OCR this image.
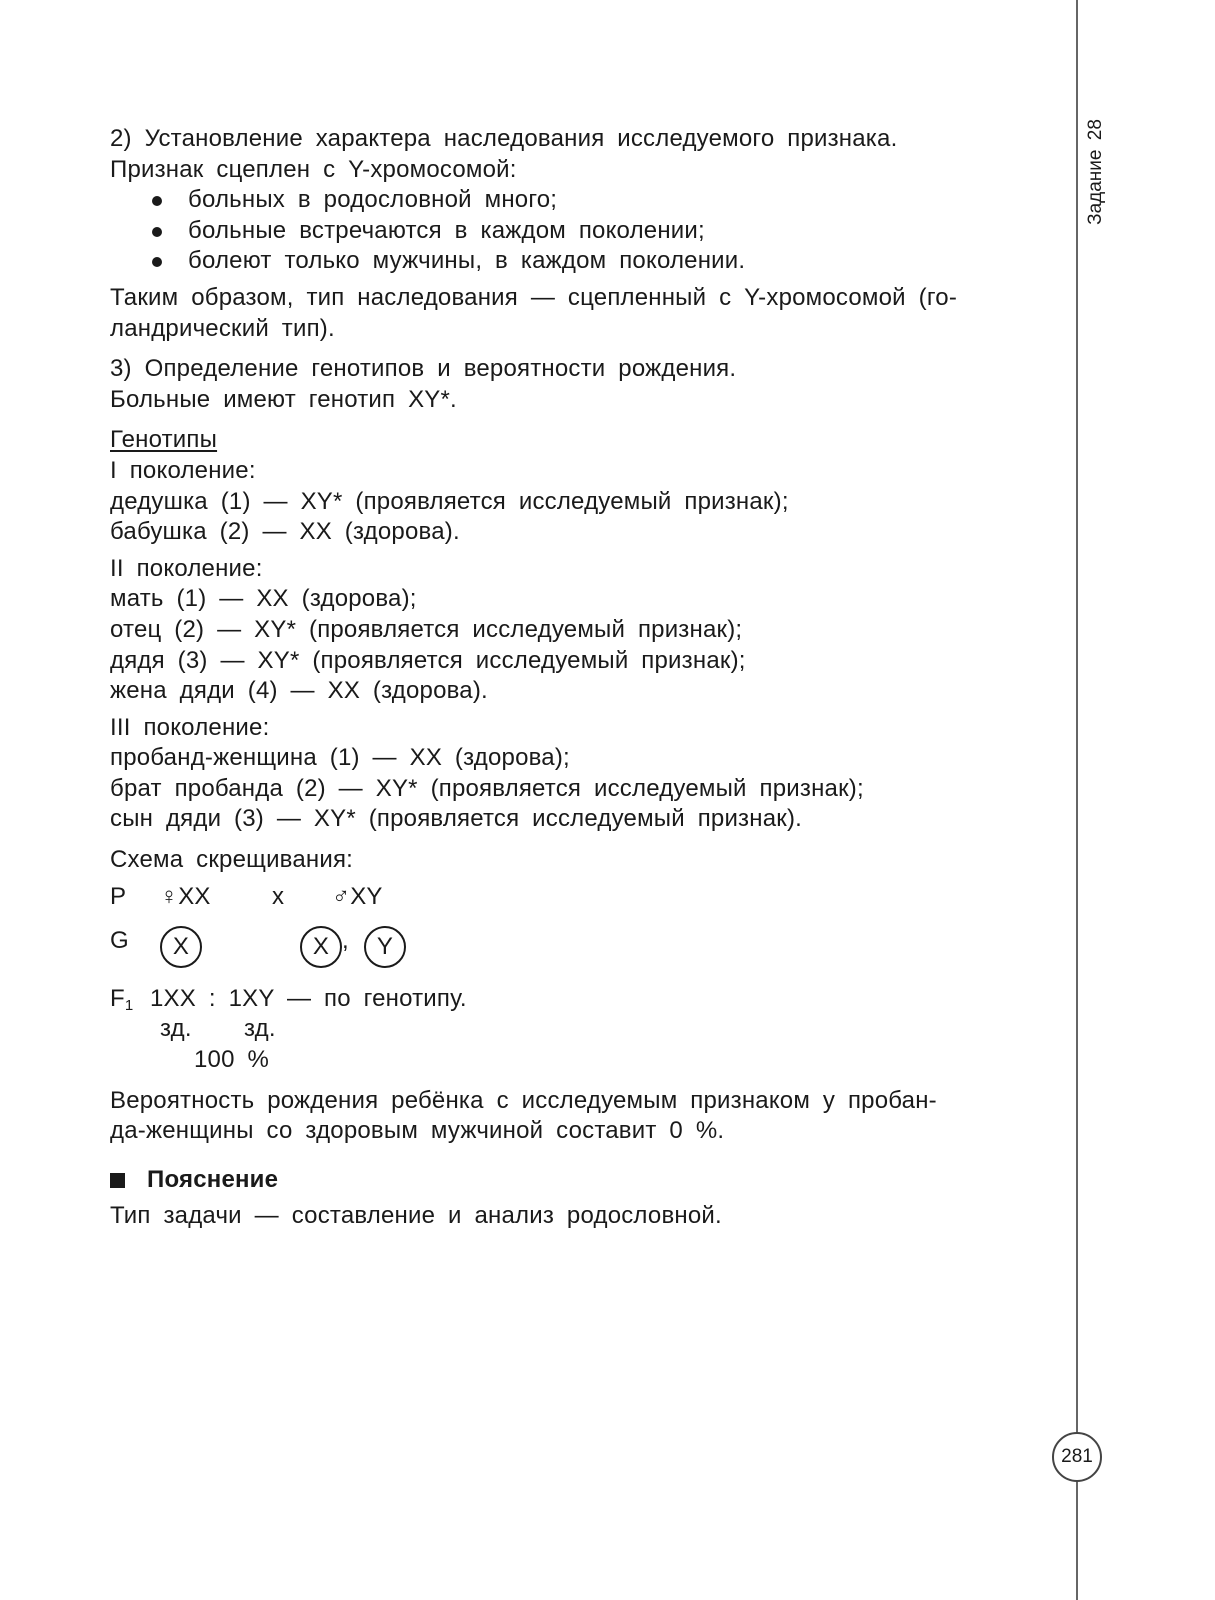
Задание 28
281
2) Установление характера наследования исследуемого признака.
Признак сцеплен с Y-хромосомой:
больных в родословной много;
больные встречаются в каждом поколении;
болеют только мужчины, в каждом поколении.
Таким образом, тип наследования — сцепленный с Y-хромосомой (го-
ландрический тип).
3) Определение генотипов и вероятности рождения.
Больные имеют генотип XY*.
Генотипы
I поколение:
дедушка (1) — XY* (проявляется исследуемый признак);
бабушка (2) — XX (здорова).
II поколение:
мать (1) — XX (здорова);
отец (2) — XY* (проявляется исследуемый признак);
дядя (3) — XY* (проявляется исследуемый признак);
жена дяди (4) — XX (здорова).
III поколение:
пробанд-женщина (1) — XX (здорова);
брат пробанда (2) — XY* (проявляется исследуемый признак);
сын дяди (3) — XY* (проявляется исследуемый признак).
Схема скрещивания:
P ♀XX	x ♂XY
G	X	X ,	Y
$F_1$ 1XX : 1XY — по генотипу.
зд. зд.
100 %
Вероятность рождения ребёнка с исследуемым признаком у пробан-
да-женщины со здоровым мужчиной составит 0 %.
Пояснение
Тип задачи — составление и анализ родословной.
